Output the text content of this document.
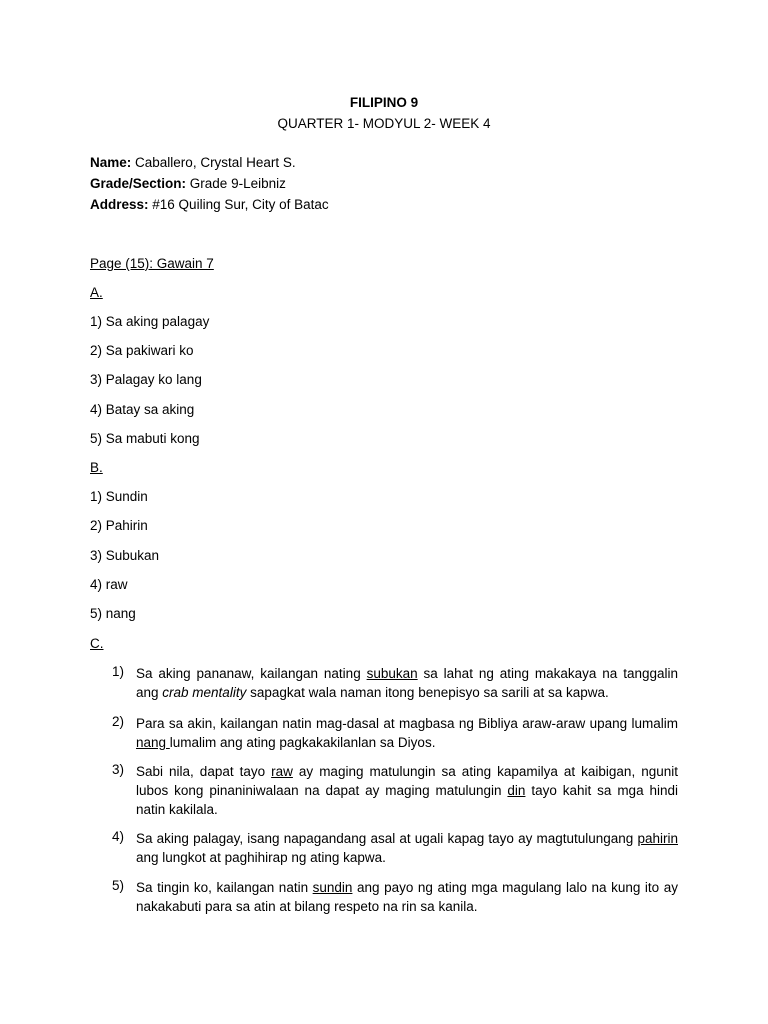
FILIPINO 9
QUARTER 1- MODYUL 2- WEEK 4
Name: Caballero, Crystal Heart S.
Grade/Section: Grade 9-Leibniz
Address: #16 Quiling Sur, City of Batac
Page (15): Gawain 7
A.
1) Sa aking palagay
2) Sa pakiwari ko
3) Palagay ko lang
4) Batay sa aking
5) Sa mabuti kong
B.
1) Sundin
2) Pahirin
3) Subukan
4) raw
5) nang
C.
1) Sa aking pananaw, kailangan nating subukan sa lahat ng ating makakaya na tanggalin
ang crab mentality sapagkat wala naman itong benepisyo sa sarili at sa kapwa.
2) Para sa akin, kailangan natin mag-dasal at magbasa ng Bibliya araw-araw upang lumalim
nang lumalim ang ating pagkakakilanlan sa Diyos.
3) Sabi nila, dapat tayo raw ay maging matulungin sa ating kapamilya at kaibigan, ngunit
lubos kong pinaniniwalaan na dapat ay maging matulungin din tayo kahit sa mga hindi
natin kakilala.
4) Sa aking palagay, isang napagandang asal at ugali kapag tayo ay magtutulungang pahirin
ang lungkot at paghihirap ng ating kapwa.
5) Sa tingin ko, kailangan natin sundin ang payo ng ating mga magulang lalo na kung ito ay
nakakabuti para sa atin at bilang respeto na rin sa kanila.
